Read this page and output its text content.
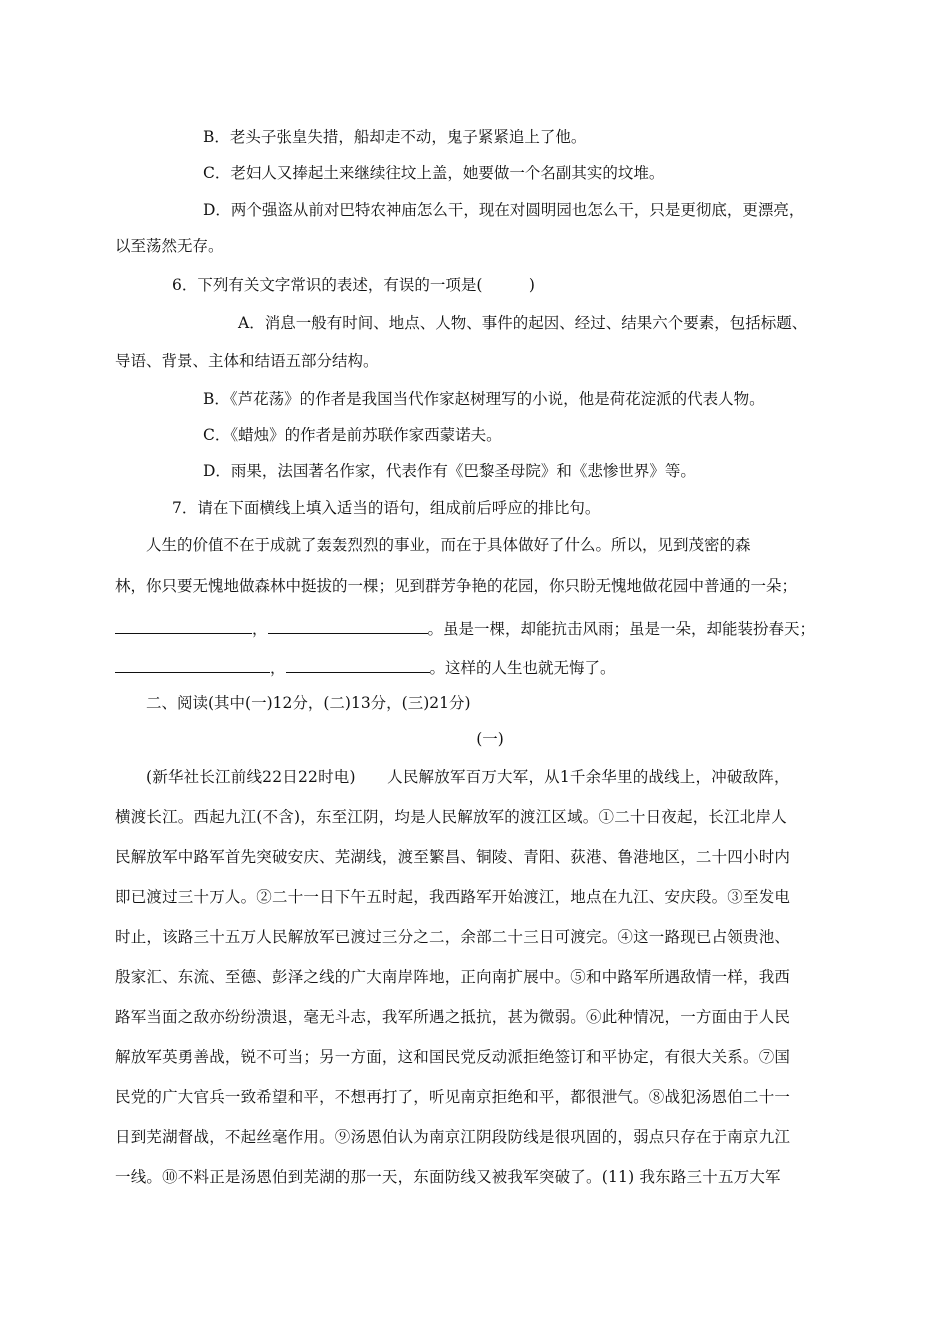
B．老头子张皇失措，船却走不动，鬼子紧紧追上了他。
C．老妇人又捧起土来继续往坟上盖，她要做一个名副其实的坟堆。
D．两个强盗从前对巴特农神庙怎么干，现在对圆明园也怎么干，只是更彻底，更漂亮，
以至荡然无存。
6．下列有关文字常识的表述，有误的一项是(　　　)
A．消息一般有时间、地点、人物、事件的起因、经过、结果六个要素，包括标题、
导语、背景、主体和结语五部分结构。
B．《芦花荡》的作者是我国当代作家赵树理写的小说，他是荷花淀派的代表人物。
C．《蜡烛》的作者是前苏联作家西蒙诺夫。
D．雨果，法国著名作家，代表作有《巴黎圣母院》和《悲惨世界》等。
7．请在下面横线上填入适当的语句，组成前后呼应的排比句。
人生的价值不在于成就了轰轰烈烈的事业，而在于具体做好了什么。所以，见到茂密的森
林，你只要无愧地做森林中挺拔的一棵；见到群芳争艳的花园，你只盼无愧地做花园中普通的一朵；
，	。虽是一棵，却能抗击风雨；虽是一朵，却能装扮春天；
，	。这样的人生也就无悔了。
二、阅读(其中(一)12分，(二)13分，(三)21分)
(一)
(新华社长江前线22日22时电)　　人民解放军百万大军，从1千余华里的战线上，冲破敌阵，
横渡长江。西起九江(不含)，东至江阴，均是人民解放军的渡江区域。①二十日夜起，长江北岸人
民解放军中路军首先突破安庆、芜湖线，渡至繁昌、铜陵、青阳、荻港、鲁港地区，二十四小时内
即已渡过三十万人。②二十一日下午五时起，我西路军开始渡江，地点在九江、安庆段。③至发电
时止，该路三十五万人民解放军已渡过三分之二，余部二十三日可渡完。④这一路现已占领贵池、
殷家汇、东流、至德、彭泽之线的广大南岸阵地，正向南扩展中。⑤和中路军所遇敌情一样，我西
路军当面之敌亦纷纷溃退，毫无斗志，我军所遇之抵抗，甚为微弱。⑥此种情况，一方面由于人民
解放军英勇善战，锐不可当；另一方面，这和国民党反动派拒绝签订和平协定，有很大关系。⑦国
民党的广大官兵一致希望和平，不想再打了，听见南京拒绝和平，都很泄气。⑧战犯汤恩伯二十一
日到芜湖督战，不起丝毫作用。⑨汤恩伯认为南京江阴段防线是很巩固的，弱点只存在于南京九江
一线。⑩不料正是汤恩伯到芜湖的那一天，东面防线又被我军突破了。(11) 我东路三十五万大军
